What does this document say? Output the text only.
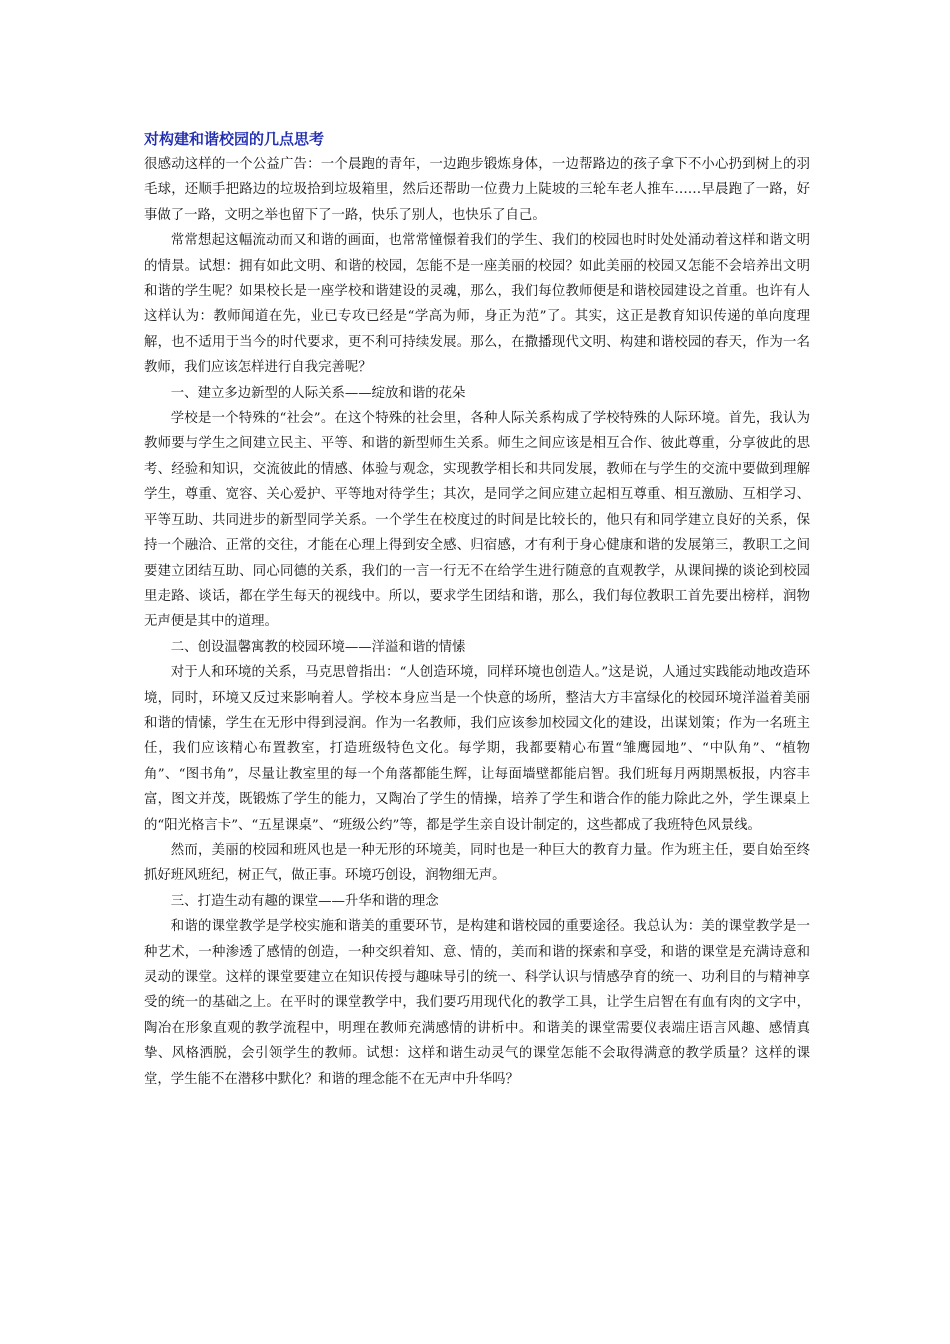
对构建和谐校园的几点思考

很感动这样的一个公益广告：一个晨跑的青年，一边跑步锻炼身体，一边帮路边的孩子拿下不小心扔到树上的羽毛球，还顺手把路边的垃圾拾到垃圾箱里，然后还帮助一位费力上陡坡的三轮车老人推车……早晨跑了一路，好事做了一路，文明之举也留下了一路，快乐了别人，也快乐了自己。

常常想起这幅流动而又和谐的画面，也常常憧憬着我们的学生、我们的校园也时时处处涌动着这样和谐文明的情景。试想：拥有如此文明、和谐的校园，怎能不是一座美丽的校园？如此美丽的校园又怎能不会培养出文明和谐的学生呢？如果校长是一座学校和谐建设的灵魂，那么，我们每位教师便是和谐校园建设之首重。也许有人这样认为：教师闻道在先，业已专攻已经是“学高为师，身正为范”了。其实，这正是教育知识传递的单向度理解，也不适用于当今的时代要求，更不利可持续发展。那么，在撒播现代文明、构建和谐校园的春天，作为一名教师，我们应该怎样进行自我完善呢？

一、建立多边新型的人际关系——绽放和谐的花朵

学校是一个特殊的“社会”。在这个特殊的社会里，各种人际关系构成了学校特殊的人际环境。首先，我认为教师要与学生之间建立民主、平等、和谐的新型师生关系。师生之间应该是相互合作、彼此尊重，分享彼此的思考、经验和知识，交流彼此的情感、体验与观念，实现教学相长和共同发展，教师在与学生的交流中要做到理解学生，尊重、宽容、关心爱护、平等地对待学生；其次，是同学之间应建立起相互尊重、相互激励、互相学习、平等互助、共同进步的新型同学关系。一个学生在校度过的时间是比较长的，他只有和同学建立良好的关系，保持一个融洽、正常的交往，才能在心理上得到安全感、归宿感，才有利于身心健康和谐的发展第三，教职工之间要建立团结互助、同心同德的关系，我们的一言一行无不在给学生进行随意的直观教学，从课间操的谈论到校园里走路、谈话，都在学生每天的视线中。所以，要求学生团结和谐，那么，我们每位教职工首先要出榜样，润物无声便是其中的道理。

二、创设温馨寓教的校园环境——洋溢和谐的情愫

对于人和环境的关系，马克思曾指出：“人创造环境，同样环境也创造人。”这是说，人通过实践能动地改造环境，同时，环境又反过来影响着人。学校本身应当是一个快意的场所，整洁大方丰富绿化的校园环境洋溢着美丽和谐的情愫，学生在无形中得到浸润。作为一名教师，我们应该参加校园文化的建设，出谋划策；作为一名班主任，我们应该精心布置教室，打造班级特色文化。每学期，我都要精心布置“雏鹰园地”、“中队角”、“植物角”、“图书角”，尽量让教室里的每一个角落都能生辉，让每面墙壁都能启智。我们班每月两期黑板报，内容丰富，图文并茂，既锻炼了学生的能力，又陶冶了学生的情操，培养了学生和谐合作的能力除此之外，学生课桌上的“阳光格言卡”、“五星课桌”、“班级公约”等，都是学生亲自设计制定的，这些都成了我班特色风景线。

然而，美丽的校园和班风也是一种无形的环境美，同时也是一种巨大的教育力量。作为班主任，要自始至终抓好班风班纪，树正气，做正事。环境巧创设，润物细无声。

三、打造生动有趣的课堂——升华和谐的理念

和谐的课堂教学是学校实施和谐美的重要环节，是构建和谐校园的重要途径。我总认为：美的课堂教学是一种艺术，一种渗透了感情的创造，一种交织着知、意、情的，美而和谐的探索和享受，和谐的课堂是充满诗意和灵动的课堂。这样的课堂要建立在知识传授与趣味导引的统一、科学认识与情感孕育的统一、功利目的与精神享受的统一的基础之上。在平时的课堂教学中，我们要巧用现代化的教学工具，让学生启智在有血有肉的文字中，陶冶在形象直观的教学流程中，明理在教师充满感情的讲析中。和谐美的课堂需要仪表端庄语言风趣、感情真挚、风格洒脱，会引领学生的教师。试想：这样和谐生动灵气的课堂怎能不会取得满意的教学质量？这样的课堂，学生能不在潜移中默化？和谐的理念能不在无声中升华吗？
